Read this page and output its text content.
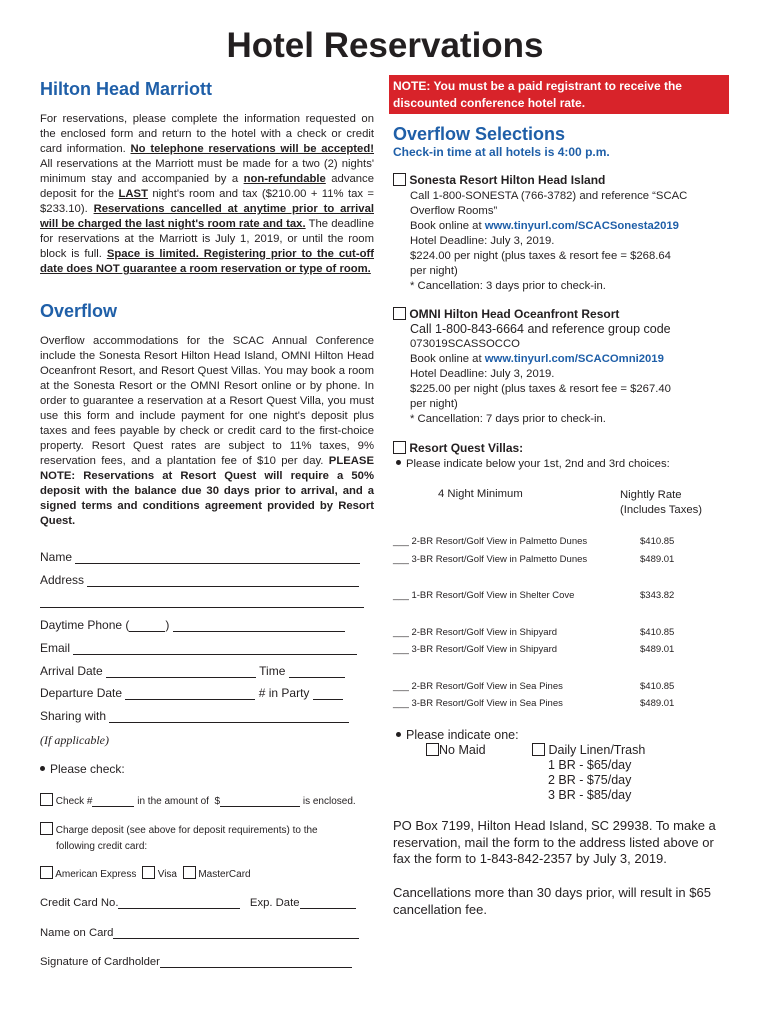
Hotel Reservations
Hilton Head Marriott
For reservations, please complete the information requested on the enclosed form and return to the hotel with a check or credit card information. No telephone reservations will be accepted! All reservations at the Marriott must be made for a two (2) nights' minimum stay and accompanied by a non-refundable advance deposit for the LAST night's room and tax ($210.00 + 11% tax = $233.10). Reservations cancelled at anytime prior to arrival will be charged the last night's room rate and tax. The deadline for reservations at the Marriott is July 1, 2019, or until the room block is full. Space is limited. Registering prior to the cut-off date does NOT guarantee a room reservation or type of room.
Overflow
Overflow accommodations for the SCAC Annual Conference include the Sonesta Resort Hilton Head Island, OMNI Hilton Head Oceanfront Resort, and Resort Quest Villas. You may book a room at the Sonesta Resort or the OMNI Resort online or by phone. In order to guarantee a reservation at a Resort Quest Villa, you must use this form and include payment for one night's deposit plus taxes and fees payable by check or credit card to the first-choice property. Resort Quest rates are subject to 11% taxes, 9% reservation fees, and a plantation fee of $10 per day. PLEASE NOTE: Reservations at Resort Quest will require a 50% deposit with the balance due 30 days prior to arrival, and a signed terms and conditions agreement provided by Resort Quest.
Name
Address
Daytime Phone (	)
Email
Arrival Date	Time
Departure Date	# in Party
Sharing with
(If applicable)
Please check:
Check #	in the amount of $	is enclosed.
Charge deposit (see above for deposit requirements) to the
following credit card:
American Express Visa MasterCard
Credit Card No.	Exp. Date
Name on Card
Signature of Cardholder
NOTE: You must be a paid registrant to receive the
discounted conference hotel rate.
Overflow Selections
Check-in time at all hotels is 4:00 p.m.
Sonesta Resort Hilton Head Island
Call 1-800-SONESTA (766-3782) and reference “SCAC
Overflow Rooms”
Book online at www.tinyurl.com/SCACSonesta2019
Hotel Deadline: July 3, 2019.
$224.00 per night (plus taxes & resort fee = $268.64
per night)
* Cancellation: 3 days prior to check-in.
OMNI Hilton Head Oceanfront Resort
Call 1-800-843-6664 and reference group code
073019SCASSOCCO
Book online at www.tinyurl.com/SCACOmni2019
Hotel Deadline: July 3, 2019.
$225.00 per night (plus taxes & resort fee = $267.40
per night)
* Cancellation: 7 days prior to check-in.
Resort Quest Villas:
Please indicate below your 1st, 2nd and 3rd choices:
4 Night Minimum	Nightly Rate
(Includes Taxes)
___ 2-BR Resort/Golf View in Palmetto Dunes	$410.85
___ 3-BR Resort/Golf View in Palmetto Dunes	$489.01
___ 1-BR Resort/Golf View in Shelter Cove	$343.82
___ 2-BR Resort/Golf View in Shipyard	$410.85
___ 3-BR Resort/Golf View in Shipyard	$489.01
___ 2-BR Resort/Golf View in Sea Pines	$410.85
___ 3-BR Resort/Golf View in Sea Pines	$489.01
Please indicate one:
No Maid	Daily Linen/Trash
1 BR - $65/day
2 BR - $75/day
3 BR - $85/day
PO Box 7199, Hilton Head Island, SC 29938. To make a reservation, mail the form to the address listed above or fax the form to 1-843-842-2357 by July 3, 2019.
Cancellations more than 30 days prior, will result in $65 cancellation fee.
